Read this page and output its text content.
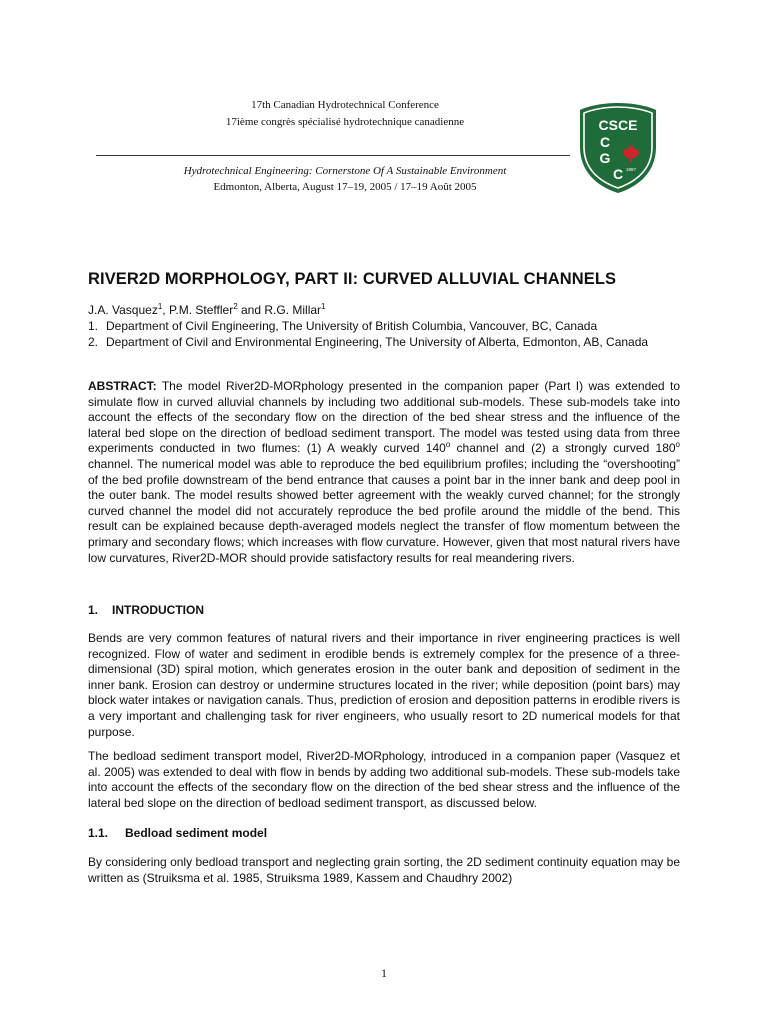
17th Canadian Hydrotechnical Conference
17ième congrès spécialisé hydrotechnique canadienne
Hydrotechnical Engineering: Cornerstone Of A Sustainable Environment
Edmonton, Alberta, August 17–19, 2005 / 17–19 Août 2005
CSCE
C
G
C 1887
RIVER2D MORPHOLOGY, PART II: CURVED ALLUVIAL CHANNELS
J.A. Vasquez$^1$, P.M. Steffler$^2$ and R.G. Millar$^1$
1. Department of Civil Engineering, The University of British Columbia, Vancouver, BC, Canada
2. Department of Civil and Environmental Engineering, The University of Alberta, Edmonton, AB, Canada

ABSTRACT: The model River2D-MORphology presented in the companion paper (Part I) was extended to simulate flow in curved alluvial channels by including two additional sub-models. These sub-models take into account the effects of the secondary flow on the direction of the bed shear stress and the influence of the lateral bed slope on the direction of bedload sediment transport. The model was tested using data from three experiments conducted in two flumes: (1) A weakly curved 140$^o$ channel and (2) a strongly curved 180$^o$ channel. The numerical model was able to reproduce the bed equilibrium profiles; including the “overshooting” of the bed profile downstream of the bend entrance that causes a point bar in the inner bank and deep pool in the outer bank. The model results showed better agreement with the weakly curved channel; for the strongly curved channel the model did not accurately reproduce the bed profile around the middle of the bend. This result can be explained because depth-averaged models neglect the transfer of flow momentum between the primary and secondary flows; which increases with flow curvature. However, given that most natural rivers have low curvatures, River2D-MOR should provide satisfactory results for real meandering rivers.

1. INTRODUCTION

Bends are very common features of natural rivers and their importance in river engineering practices is well recognized. Flow of water and sediment in erodible bends is extremely complex for the presence of a three-dimensional (3D) spiral motion, which generates erosion in the outer bank and deposition of sediment in the inner bank. Erosion can destroy or undermine structures located in the river; while deposition (point bars) may block water intakes or navigation canals. Thus, prediction of erosion and deposition patterns in erodible rivers is a very important and challenging task for river engineers, who usually resort to 2D numerical models for that purpose.

The bedload sediment transport model, River2D-MORphology, introduced in a companion paper (Vasquez et al. 2005) was extended to deal with flow in bends by adding two additional sub-models. These sub-models take into account the effects of the secondary flow on the direction of the bed shear stress and the influence of the lateral bed slope on the direction of bedload sediment transport, as discussed below.

1.1. Bedload sediment model

By considering only bedload transport and neglecting grain sorting, the 2D sediment continuity equation may be written as (Struiksma et al. 1985, Struiksma 1989, Kassem and Chaudhry 2002)

1
